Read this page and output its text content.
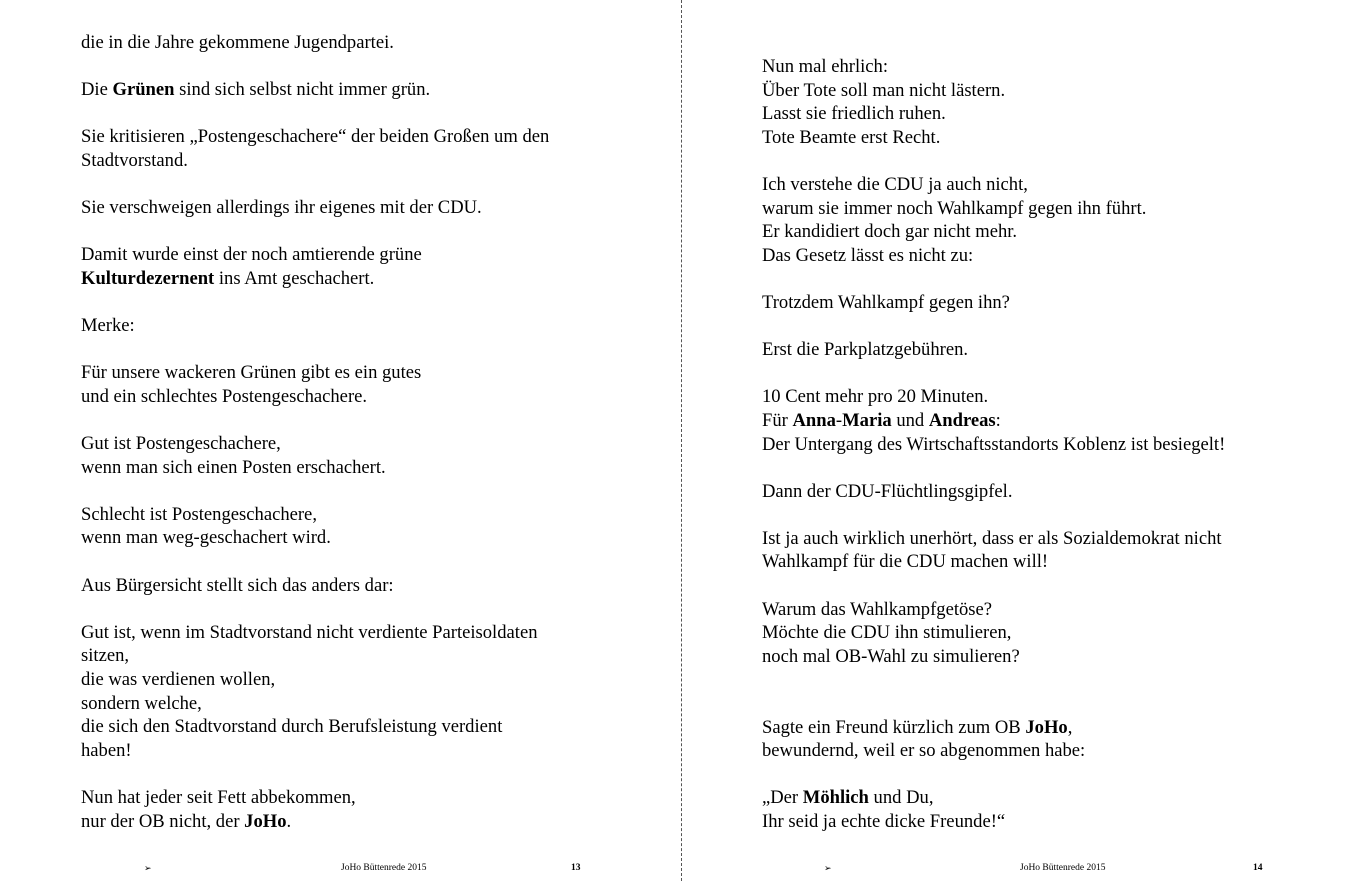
die in die Jahre gekommene Jugendpartei.
Die Grünen sind sich selbst nicht immer grün.
Sie kritisieren „Postengeschachere“ der beiden Großen um den
Stadtvorstand.
Sie verschweigen allerdings ihr eigenes mit der CDU.
Damit wurde einst der noch amtierende grüne
Kulturdezernent ins Amt geschachert.
Merke:
Für unsere wackeren Grünen gibt es ein gutes
und ein schlechtes Postengeschachere.
Gut ist Postengeschachere,
wenn man sich einen Posten erschachert.
Schlecht ist Postengeschachere,
wenn man weg-geschachert wird.
Aus Bürgersicht stellt sich das anders dar:
Gut ist, wenn im Stadtvorstand nicht verdiente Parteisoldaten
sitzen,
die was verdienen wollen,
sondern welche,
die sich den Stadtvorstand durch Berufsleistung verdient
haben!
Nun hat jeder seit Fett abbekommen,
nur der OB nicht, der JoHo.
➢	JoHo Büttenrede 2015	13
Nun mal ehrlich:
Über Tote soll man nicht lästern.
Lasst sie friedlich ruhen.
Tote Beamte erst Recht.
Ich verstehe die CDU ja auch nicht,
warum sie immer noch Wahlkampf gegen ihn führt.
Er kandidiert doch gar nicht mehr.
Das Gesetz lässt es nicht zu:
Trotzdem Wahlkampf gegen ihn?
Erst die Parkplatzgebühren.
10 Cent mehr pro 20 Minuten.
Für Anna-Maria und Andreas:
Der Untergang des Wirtschaftsstandorts Koblenz ist besiegelt!
Dann der CDU-Flüchtlingsgipfel.
Ist ja auch wirklich unerhört, dass er als Sozialdemokrat nicht
Wahlkampf für die CDU machen will!
Warum das Wahlkampfgetöse?
Möchte die CDU ihn stimulieren,
noch mal OB-Wahl zu simulieren?
Sagte ein Freund kürzlich zum OB JoHo,
bewundernd, weil er so abgenommen habe:
„Der Möhlich und Du,
Ihr seid ja echte dicke Freunde!“
➢	JoHo Büttenrede 2015	14
